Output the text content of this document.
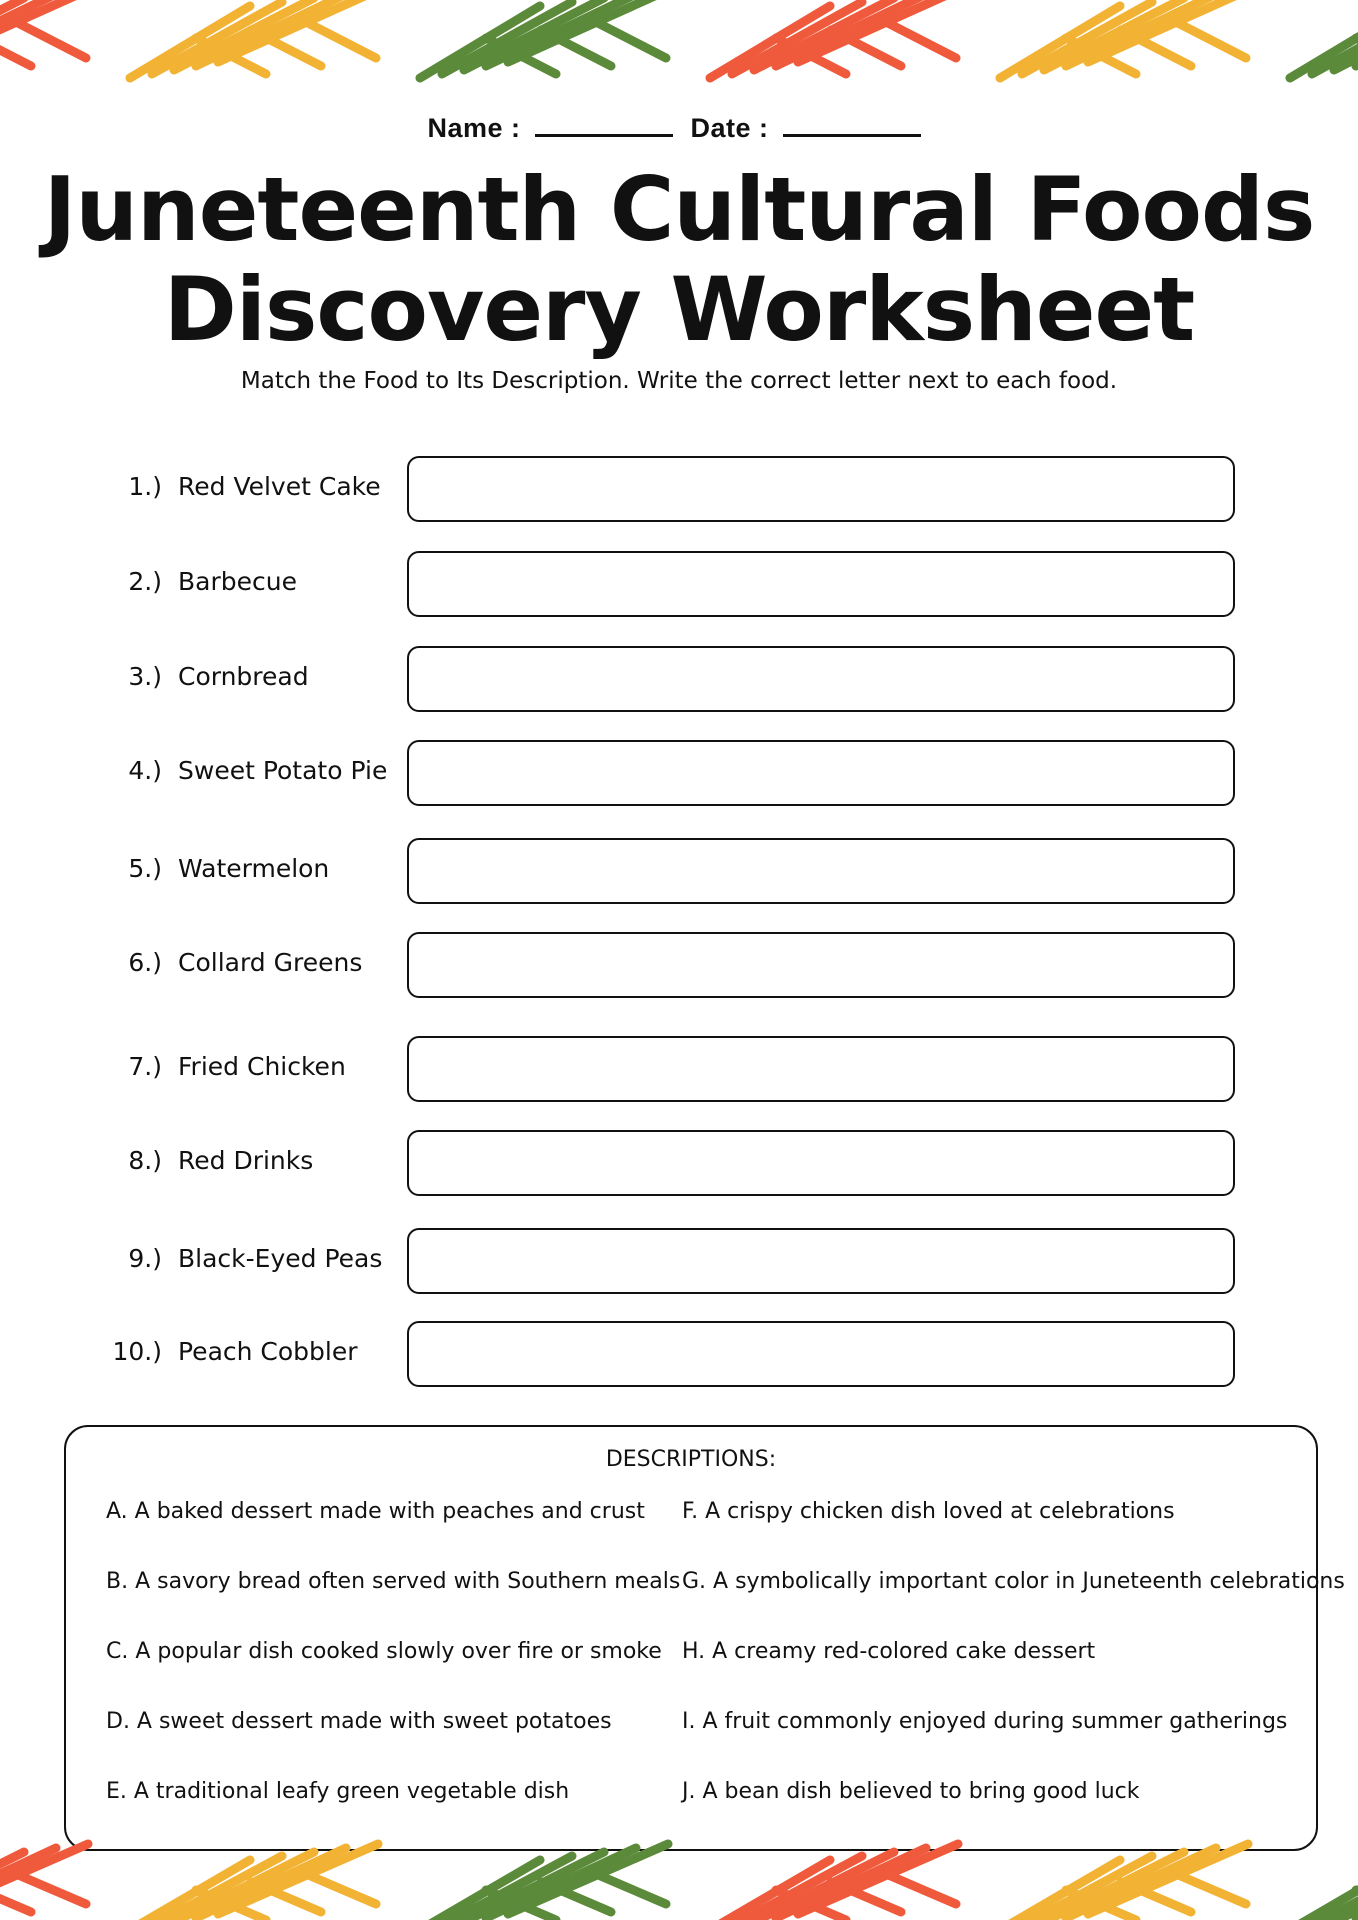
Name :	Date :
Juneteenth Cultural Foods
Discovery Worksheet
Match the Food to Its Description. Write the correct letter next to each food.
1.) Red Velvet Cake
2.) Barbecue
3.) Cornbread
4.) Sweet Potato Pie
5.) Watermelon
6.) Collard Greens
7.) Fried Chicken
8.) Red Drinks
9.) Black-Eyed Peas
10.) Peach Cobbler
DESCRIPTIONS:
A. A baked dessert made with peaches and crust
B. A savory bread often served with Southern meals
C. A popular dish cooked slowly over fire or smoke
D. A sweet dessert made with sweet potatoes
E. A traditional leafy green vegetable dish
F. A crispy chicken dish loved at celebrations
G. A symbolically important color in Juneteenth celebrations
H. A creamy red-colored cake dessert
I. A fruit commonly enjoyed during summer gatherings
J. A bean dish believed to bring good luck
